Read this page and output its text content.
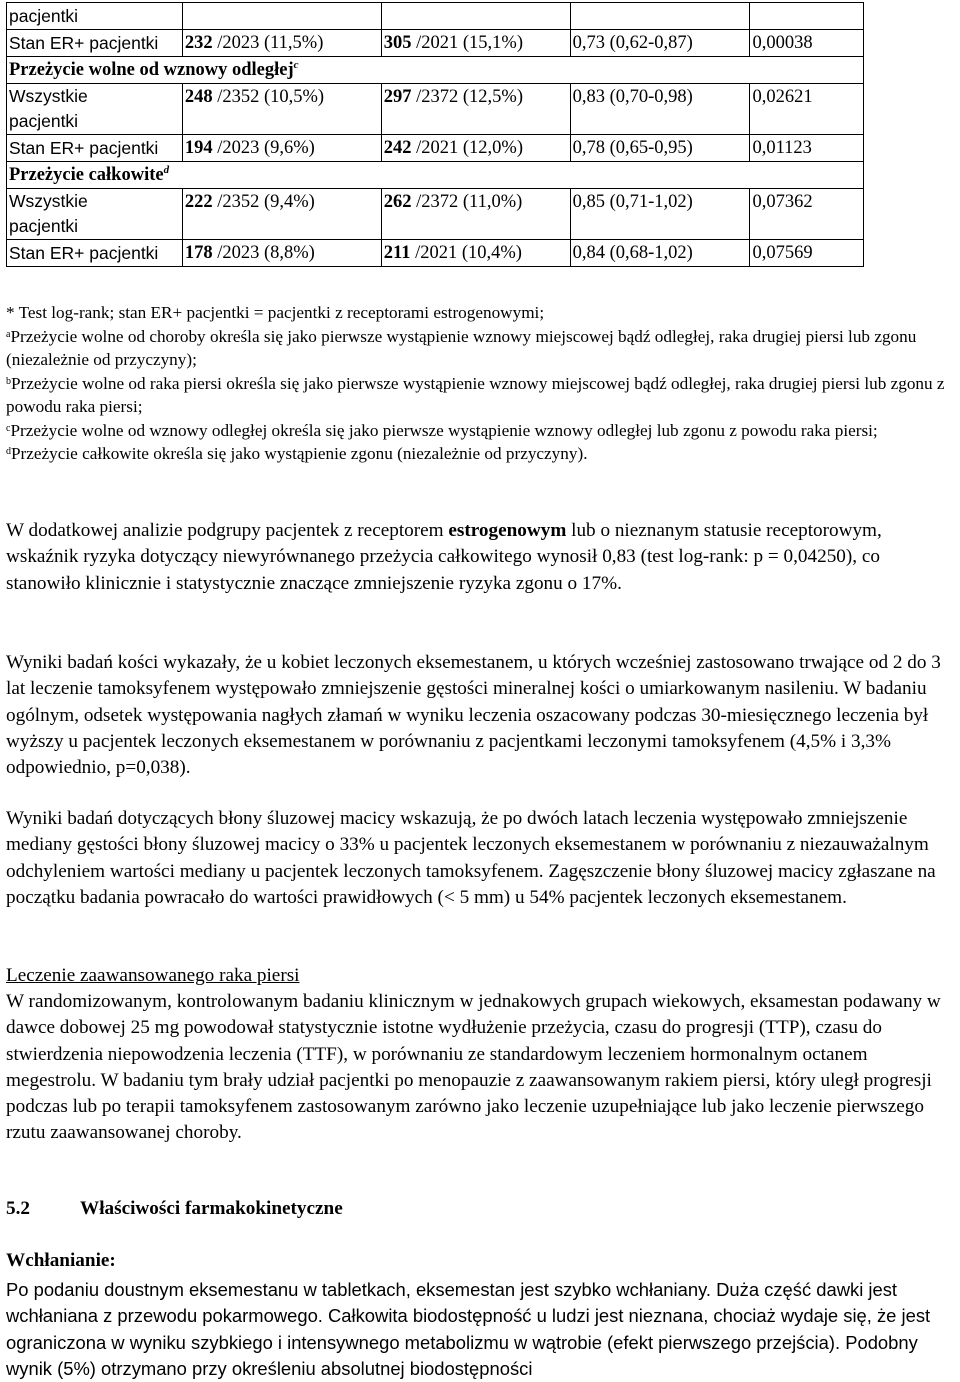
pacjentki				
Stan ER+ pacjentki	232 /2023 (11,5%)	305 /2021 (15,1%)	0,73 (0,62-0,87)	0,00038
Przeżycie wolne od wznowy odległej$^c$
Wszystkie
pacjentki	248 /2352 (10,5%)	297 /2372 (12,5%)	0,83 (0,70-0,98)	0,02621
Stan ER+ pacjentki	194 /2023 (9,6%)	242 /2021 (12,0%)	0,78 (0,65-0,95)	0,01123
Przeżycie całkowite$^d$
Wszystkie
pacjentki	222 /2352 (9,4%)	262 /2372 (11,0%)	0,85 (0,71-1,02)	0,07362
Stan ER+ pacjentki	178 /2023 (8,8%)	211 /2021 (10,4%)	0,84 (0,68-1,02)	0,07569

* Test log-rank; stan ER+ pacjentki = pacjentki z receptorami estrogenowymi;

$^a$Przeżycie wolne od choroby określa się jako pierwsze wystąpienie wznowy miejscowej bądź odległej, raka drugiej piersi lub zgonu (niezależnie od przyczyny);

$^b$Przeżycie wolne od raka piersi określa się jako pierwsze wystąpienie wznowy miejscowej bądź odległej, raka drugiej piersi lub zgonu z powodu raka piersi;

$^c$Przeżycie wolne od wznowy odległej określa się jako pierwsze wystąpienie wznowy odległej lub zgonu z powodu raka piersi;

$^d$Przeżycie całkowite określa się jako wystąpienie zgonu (niezależnie od przyczyny).

W dodatkowej analizie podgrupy pacjentek z receptorem estrogenowym lub o nieznanym statusie receptorowym, wskaźnik ryzyka dotyczący niewyrównanego przeżycia całkowitego wynosił 0,83 (test log-rank: p = 0,04250), co stanowiło klinicznie i statystycznie znaczące zmniejszenie ryzyka zgonu o 17%.

Wyniki badań kości wykazały, że u kobiet leczonych eksemestanem, u których wcześniej zastosowano trwające od 2 do 3 lat leczenie tamoksyfenem występowało zmniejszenie gęstości mineralnej kości o umiarkowanym nasileniu. W badaniu ogólnym, odsetek występowania nagłych złamań w wyniku leczenia oszacowany podczas 30-miesięcznego leczenia był wyższy u pacjentek leczonych eksemestanem w porównaniu z pacjentkami leczonymi tamoksyfenem (4,5% i 3,3% odpowiednio, p=0,038).

Wyniki badań dotyczących błony śluzowej macicy wskazują, że po dwóch latach leczenia występowało zmniejszenie mediany gęstości błony śluzowej macicy o 33% u pacjentek leczonych eksemestanem w porównaniu z niezauważalnym odchyleniem wartości mediany u pacjentek leczonych tamoksyfenem. Zagęszczenie błony śluzowej macicy zgłaszane na początku badania powracało do wartości prawidłowych (< 5 mm) u 54% pacjentek leczonych eksemestanem.

Leczenie zaawansowanego raka piersi

W randomizowanym, kontrolowanym badaniu klinicznym w jednakowych grupach wiekowych, eksamestan podawany w dawce dobowej 25 mg powodował statystycznie istotne wydłużenie przeżycia, czasu do progresji (TTP), czasu do stwierdzenia niepowodzenia leczenia (TTF), w porównaniu ze standardowym leczeniem hormonalnym octanem megestrolu. W badaniu tym brały udział pacjentki po menopauzie z zaawansowanym rakiem piersi, który uległ progresji podczas lub po terapii tamoksyfenem zastosowanym zarówno jako leczenie uzupełniające lub jako leczenie pierwszego rzutu zaawansowanej choroby.

5.2	Właściwości farmakokinetyczne
Wchłanianie:

Po podaniu doustnym eksemestanu w tabletkach, eksemestan jest szybko wchłaniany. Duża część dawki jest wchłaniana z przewodu pokarmowego. Całkowita biodostępność u ludzi jest nieznana, chociaż wydaje się, że jest ograniczona w wyniku szybkiego i intensywnego metabolizmu w wątrobie (efekt pierwszego przejścia). Podobny wynik (5%) otrzymano przy określeniu absolutnej biodostępności
